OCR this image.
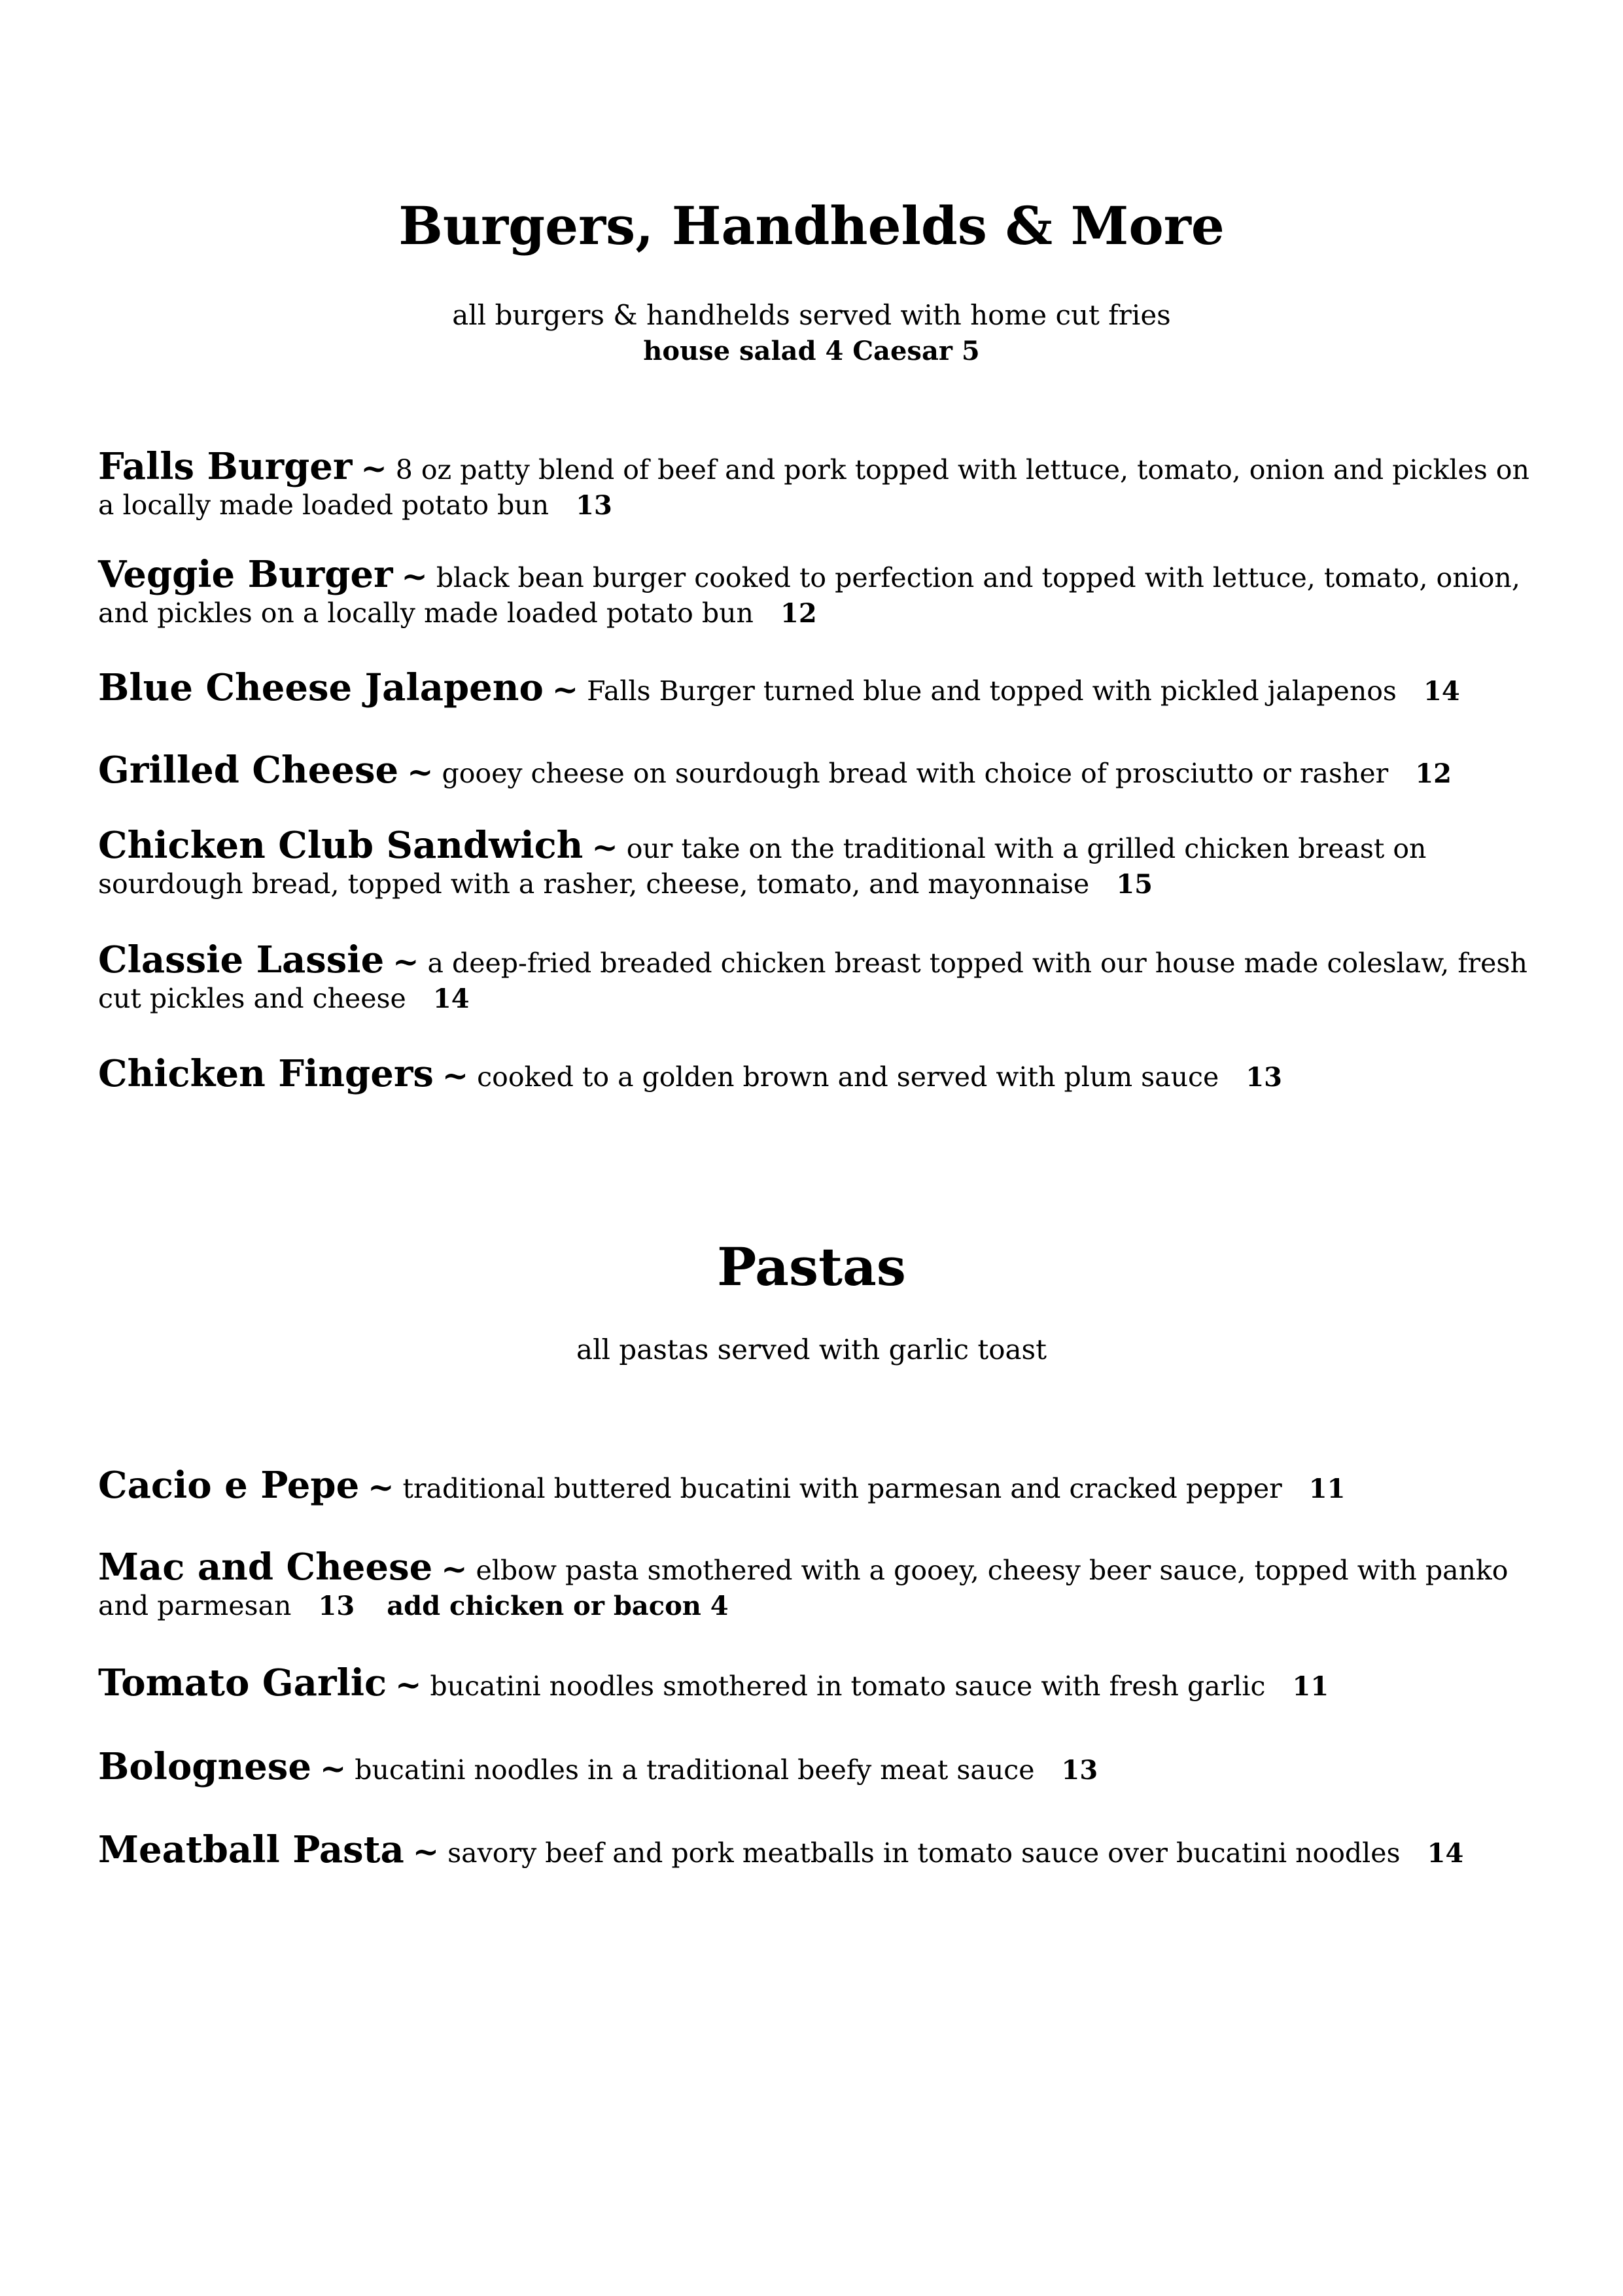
Burgers, Handhelds & More
all burgers & handhelds served with home cut fries
house salad 4 Caesar 5
Falls Burger ~ 8 oz patty blend of beef and pork topped with lettuce, tomato, onion and pickles on a locally made loaded potato bun 13
Veggie Burger ~ black bean burger cooked to perfection and topped with lettuce, tomato, onion, and pickles on a locally made loaded potato bun 12
Blue Cheese Jalapeno ~ Falls Burger turned blue and topped with pickled jalapenos 14
Grilled Cheese ~ gooey cheese on sourdough bread with choice of prosciutto or rasher 12
Chicken Club Sandwich ~ our take on the traditional with a grilled chicken breast on sourdough bread, topped with a rasher, cheese, tomato, and mayonnaise 15
Classie Lassie ~ a deep-fried breaded chicken breast topped with our house made coleslaw, fresh cut pickles and cheese 14
Chicken Fingers ~ cooked to a golden brown and served with plum sauce 13
Pastas
all pastas served with garlic toast
Cacio e Pepe ~ traditional buttered bucatini with parmesan and cracked pepper 11
Mac and Cheese ~ elbow pasta smothered with a gooey, cheesy beer sauce, topped with panko and parmesan 13 add chicken or bacon 4
Tomato Garlic ~ bucatini noodles smothered in tomato sauce with fresh garlic 11
Bolognese ~ bucatini noodles in a traditional beefy meat sauce 13
Meatball Pasta ~ savory beef and pork meatballs in tomato sauce over bucatini noodles 14
